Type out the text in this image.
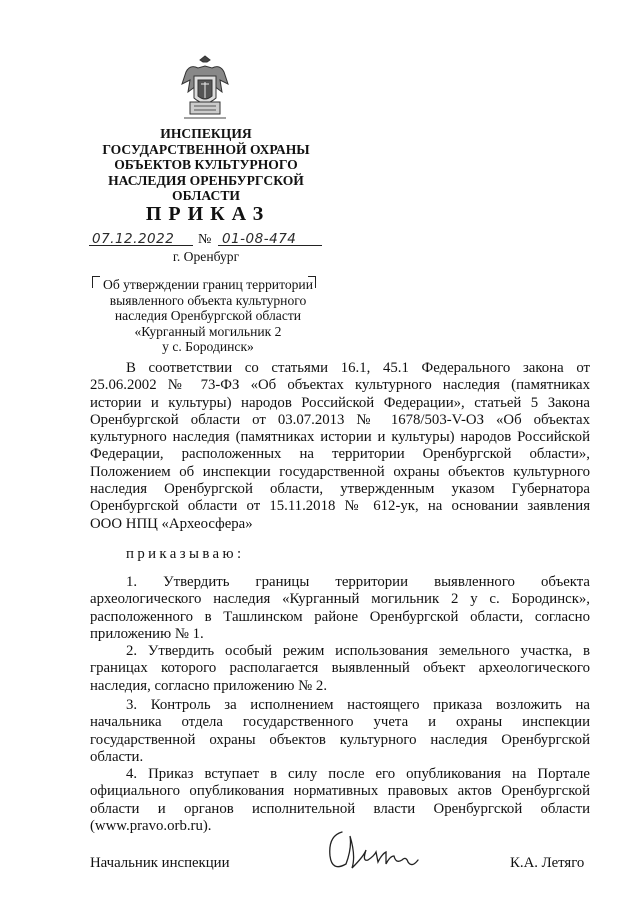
ИНСПЕКЦИЯ
ГОСУДАРСТВЕННОЙ ОХРАНЫ
ОБЪЕКТОВ КУЛЬТУРНОГО
НАСЛЕДИЯ ОРЕНБУРГСКОЙ
ОБЛАСТИ
ПРИКАЗ
07.12.2022 № 01-08-474
г. Оренбург
Об утверждении границ территории
выявленного объекта культурного
наследия Оренбургской области
«Курганный могильник 2
у с. Бородинск»
В соответствии со статьями 16.1, 45.1 Федерального закона от
25.06.2002 № 73-ФЗ «Об объектах культурного наследия (памятниках
истории и культуры) народов Российской Федерации», статьей 5 Закона
Оренбургской области от 03.07.2013 № 1678/503-V-ОЗ «Об объектах
культурного наследия (памятниках истории и культуры) народов Российской
Федерации, расположенных на территории Оренбургской области»,
Положением об инспекции государственной охраны объектов культурного
наследия Оренбургской области, утвержденным указом Губернатора
Оренбургской области от 15.11.2018 № 612-ук, на основании заявления
ООО НПЦ «Археосфера»
приказываю:
1. Утвердить границы территории выявленного объекта
археологического наследия «Курганный могильник 2 у с. Бородинск»,
расположенного в Ташлинском районе Оренбургской области, согласно
приложению № 1.
2. Утвердить особый режим использования земельного участка, в
границах которого располагается выявленный объект археологического
наследия, согласно приложению № 2.
3. Контроль за исполнением настоящего приказа возложить на
начальника отдела государственного учета и охраны инспекции
государственной охраны объектов культурного наследия Оренбургской
области.
4. Приказ вступает в силу после его опубликования на Портале
официального опубликования нормативных правовых актов Оренбургской
области и органов исполнительной власти Оренбургской области
(www.pravo.orb.ru).
Начальник инспекции	К.А. Летяго
